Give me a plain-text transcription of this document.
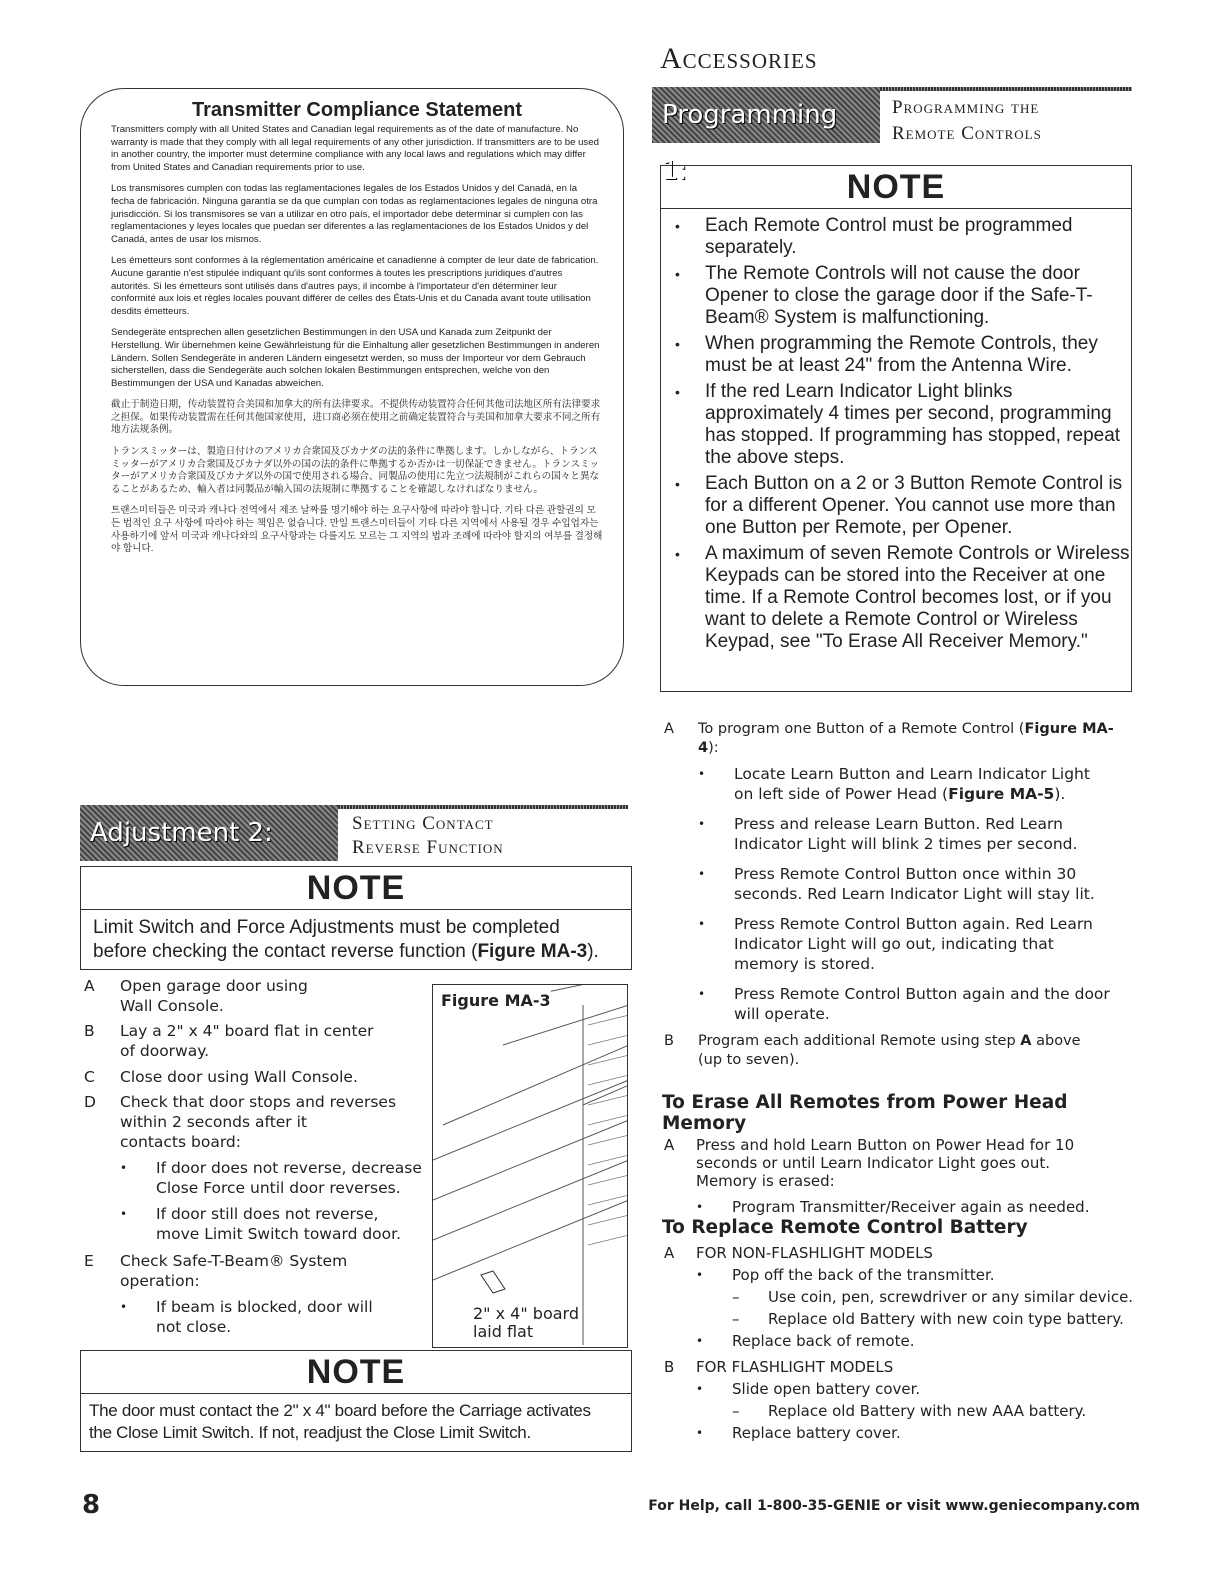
Transmitter Compliance Statement

Transmitters comply with all United States and Canadian legal requirements as of the date of manufacture. No warranty is made that they comply with all legal requirements of any other jurisdiction. If transmitters are to be used in another country, the importer must determine compliance with any local laws and regulations which may differ from United States and Canadian requirements prior to use.

Los transmisores cumplen con todas las reglamentaciones legales de los Estados Unidos y del Canadá, en la fecha de fabricación. Ninguna garantía se da que cumplan con todas as reglamentaciones legales de ninguna otra jurisdicción. Si los transmisores se van a utilizar en otro país, el importador debe determinar si cumplen con las reglamentaciones y leyes locales que puedan ser diferentes a las reglamentaciones de los Estados Unidos y del Canadá, antes de usar los mismos.

Les émetteurs sont conformes à la réglementation américaine et canadienne à compter de leur date de fabrication. Aucune garantie n'est stipulée indiquant qu'ils sont conformes à toutes les prescriptions juridiques d'autres autorités. Si les émetteurs sont utilisés dans d'autres pays, il incombe à l'importateur d'en déterminer leur conformité aux lois et règles locales pouvant différer de celles des États-Unis et du Canada avant toute utilisation desdits émetteurs.

Sendegeräte entsprechen allen gesetzlichen Bestimmungen in den USA und Kanada zum Zeitpunkt der Herstellung. Wir übernehmen keine Gewährleistung für die Einhaltung aller gesetzlichen Bestimmungen in anderen Ländern. Sollen Sendegeräte in anderen Ländern eingesetzt werden, so muss der Importeur vor dem Gebrauch sicherstellen, dass die Sendegeräte auch solchen lokalen Bestimmungen entsprechen, welche von den Bestimmungen der USA und Kanadas abweichen.

截止于制造日期，传动装置符合美国和加拿大的所有法律要求。不提供传动装置符合任何其他司法地区所有法律要求之担保。如果传动装置需在任何其他国家使用，进口商必须在使用之前确定装置符合与美国和加拿大要求不同之所有地方法规条例。

トランスミッターは、製造日付けのアメリカ合衆国及びカナダの法的条件に準拠します。しかしながら、トランスミッターがアメリカ合衆国及びカナダ以外の国の法的条件に準拠するか否かは一切保証できません。トランスミッターがアメリカ合衆国及びカナダ以外の国で使用される場合、同製品の使用に先立つ法規制がこれらの国々と異なることがあるため、輸入者は同製品が輸入国の法規制に準拠することを確認しなければなりません。

트랜스미터들은 미국과 캐나다 전역에서 제조 날짜를 명기해야 하는 요구사항에 따라야 합니다. 기타 다른 관할권의 모든 법적인 요구 사항에 따라야 하는 책임은 없습니다. 만일 트랜스미터들이 기타 다른 지역에서 사용될 경우 수입업자는 사용하기에 앞서 미국과 캐나다와의 요구사항과는 다를지도 모르는 그 지역의 법과 조례에 따라야 할지의 여부를 결정해야 합니다.

Adjustment 2:	Setting Contact
Reverse Function
NOTE
Limit Switch and Force Adjustments must be completed
before checking the contact reverse function (Figure MA-3).
A Open garage door using
Wall Console.
B Lay a 2" x 4" board flat in center
of doorway.
C Close door using Wall Console.
D Check that door stops and reverses
within 2 seconds after it
contacts board:
• If door does not reverse, decrease
Close Force until door reverses.
• If door still does not reverse,
move Limit Switch toward door.
E Check Safe-T-Beam® System
operation:
• If beam is blocked, door will
not close.
Figure MA-3
2" x 4" board
laid flat
NOTE
The door must contact the 2" x 4" board before the Carriage activates
the Close Limit Switch. If not, readjust the Close Limit Switch.
Accessories
Programming 1:
Programming the
Remote Controls
NOTE
• Each Remote Control must be programmed separately.
• The Remote Controls will not cause the door Opener to close the garage door if the Safe-T-Beam® System is malfunctioning.
• When programming the Remote Controls, they must be at least 24" from the Antenna Wire.
• If the red Learn Indicator Light blinks approximately 4 times per second, programming has stopped. If programming has stopped, repeat the above steps.
• Each Button on a 2 or 3 Button Remote Control is for a different Opener. You cannot use more than one Button per Remote, per Opener.
• A maximum of seven Remote Controls or Wireless Keypads can be stored into the Receiver at one time. If a Remote Control becomes lost, or if you want to delete a Remote Control or Wireless Keypad, see "To Erase All Receiver Memory."
A To program one Button of a Remote Control (Figure MA-4):
• Locate Learn Button and Learn Indicator Light
on left side of Power Head (Figure MA-5).
• Press and release Learn Button. Red Learn
Indicator Light will blink 2 times per second.
• Press Remote Control Button once within 30
seconds. Red Learn Indicator Light will stay lit.
• Press Remote Control Button again. Red Learn
Indicator Light will go out, indicating that
memory is stored.
• Press Remote Control Button again and the door
will operate.
B Program each additional Remote using step A above
(up to seven).
To Erase All Remotes from Power Head Memory
A Press and hold Learn Button on Power Head for 10
seconds or until Learn Indicator Light goes out.
Memory is erased:
• Program Transmitter/Receiver again as needed.
To Replace Remote Control Battery
A FOR NON-FLASHLIGHT MODELS
• Pop off the back of the transmitter.
– Use coin, pen, screwdriver or any similar device.
– Replace old Battery with new coin type battery.
• Replace back of remote.
B FOR FLASHLIGHT MODELS
• Slide open battery cover.
– Replace old Battery with new AAA battery.
• Replace battery cover.
8	For Help, call 1-800-35-GENIE or visit www.geniecompany.com
